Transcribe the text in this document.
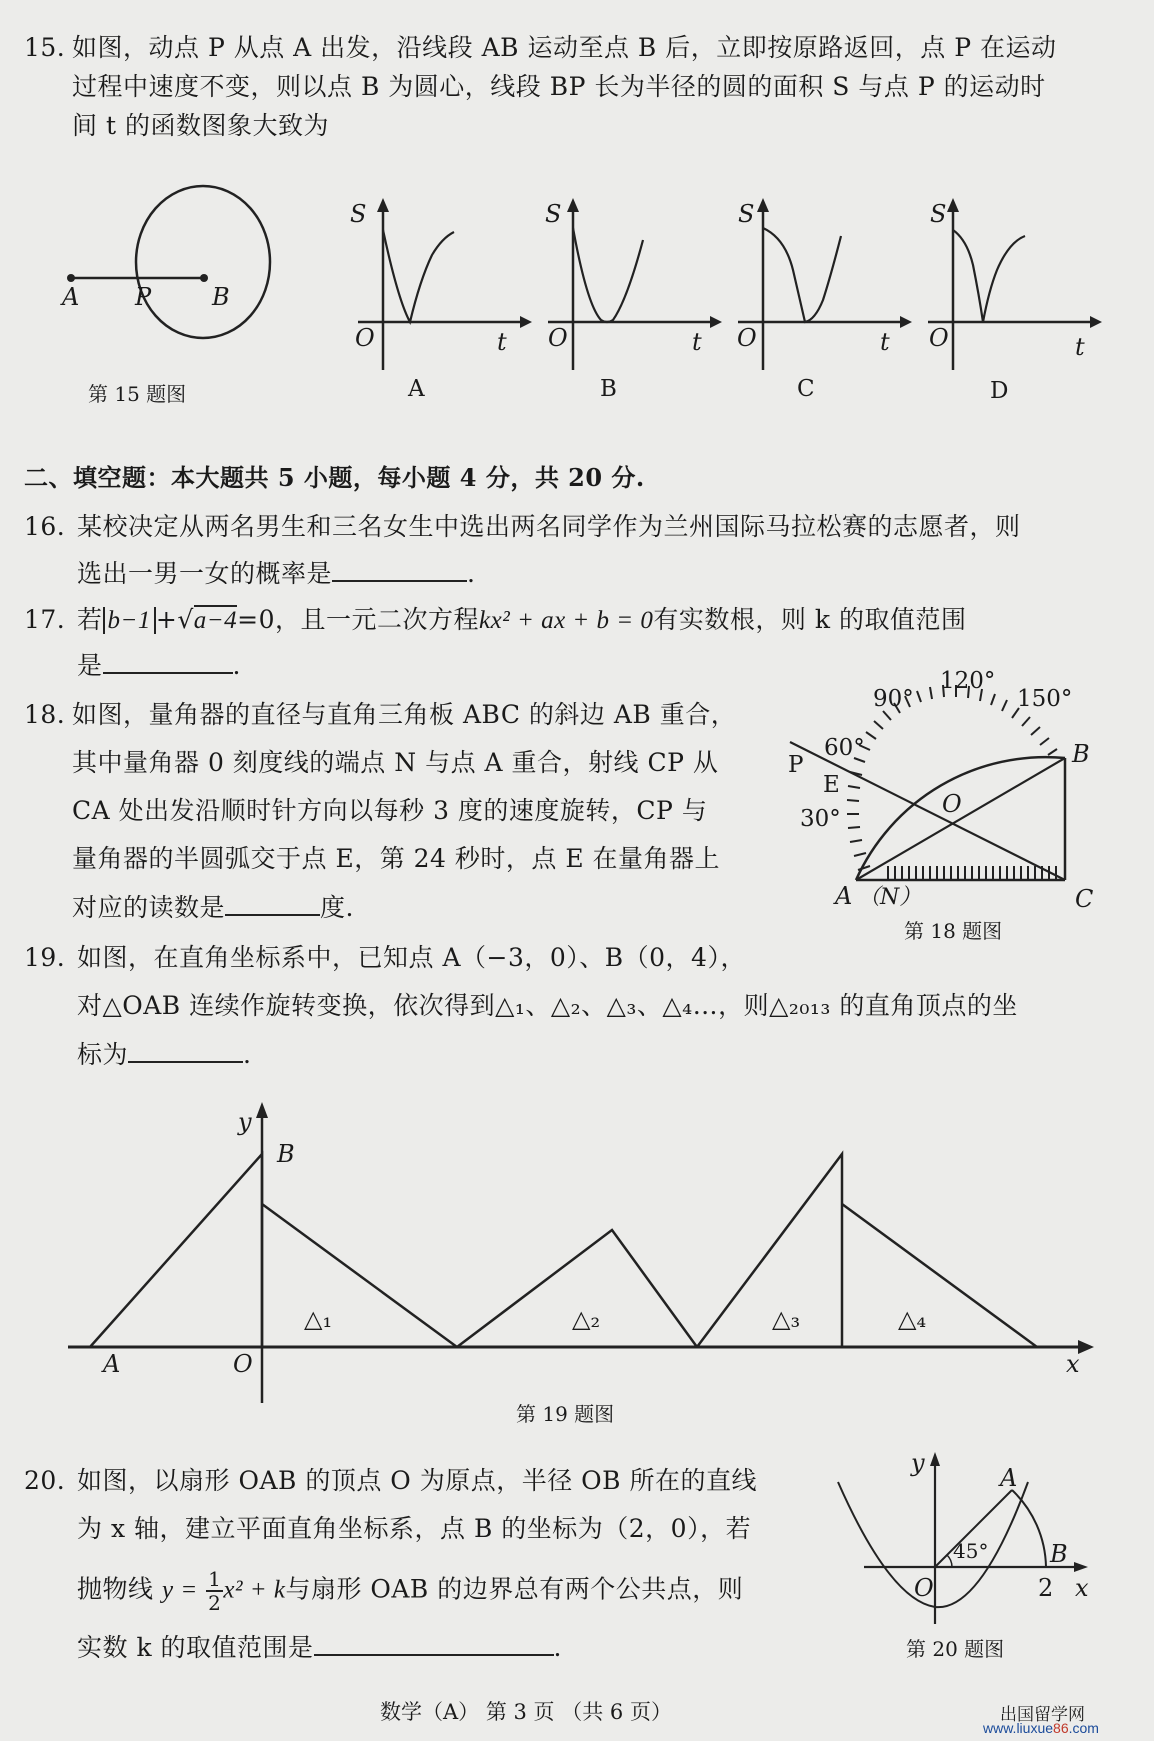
15. 如图，动点 P 从点 A 出发，沿线段 AB 运动至点 B 后，立即按原路返回，点 P 在运动
过程中速度不变，则以点 B 为圆心，线段 BP 长为半径的圆的面积 S 与点 P 的运动时
间 t 的函数图象大致为
A P	B
第 15 题图
S
O	t
A
S
O	t
B
S
O	t
C
S
O	t
D
二、填空题：本大题共 5 小题，每小题 4 分，共 20 分.
16. 某校决定从两名男生和三名女生中选出两名同学作为兰州国际马拉松赛的志愿者，则
选出一男一女的概率是	.
17. 若 b−1 +√a−4=0，且一元二次方程kx² + ax + b = 0有实数根，则 k 的取值范围
是	.
18. 如图，量角器的直径与直角三角板 ABC 的斜边 AB 重合，
其中量角器 0 刻度线的端点 N 与点 A 重合，射线 CP 从
CA 处出发沿顺时针方向以每秒 3 度的速度旋转，CP 与
量角器的半圆弧交于点 E，第 24 秒时，点 E 在量角器上
对应的读数是	度.
120°
90°	150°
60°
30°
P
E
O
B
A （N）	C
第 18 题图
19. 如图，在直角坐标系中，已知点 A（−3，0）、B（0，4），
对△OAB 连续作旋转变换，依次得到△₁、△₂、△₃、△₄…，则△₂₀₁₃ 的直角顶点的坐
标为	.
y
B
A	O	x
△₁	△₂	△₃	△₄
第 19 题图
20. 如图，以扇形 OAB 的顶点 O 为原点，半径 OB 所在的直线
为 x 轴，建立平面直角坐标系，点 B 的坐标为（2，0），若
抛物线 $y = \frac{1}{2} x^2 + k$与扇形 OAB 的边界总有两个公共点，则
实数 k 的取值范围是	.
y
A
45°	B
O	2 x
第 20 题图
数学（A） 第 3 页 （共 6 页）	出国留学网
www.liuxue86.com
